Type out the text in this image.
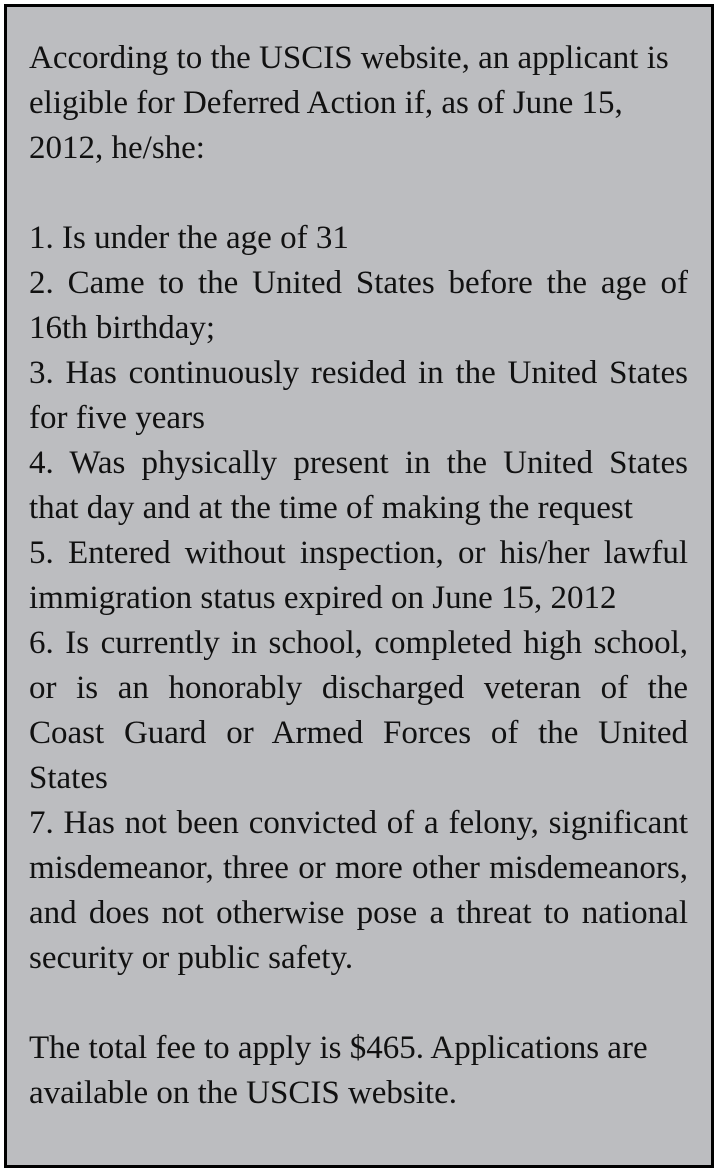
According to the USCIS website, an applicant is eligible for Deferred Action if, as of June 15, 2012, he/she:

1. Is under the age of 31
2. Came to the United States before the age of 16th birthday;
3. Has continuously resided in the United States for five years
4. Was physically present in the United States that day and at the time of making the request
5. Entered without inspection, or his/her lawful immigration status expired on June 15, 2012
6. Is currently in school, completed high school, or is an honorably discharged veteran of the Coast Guard or Armed Forces of the United States
7. Has not been convicted of a felony, significant misdemeanor, three or more other misdemeanors, and does not otherwise pose a threat to national security or public safety.

The total fee to apply is $465. Applications are available on the USCIS website.
